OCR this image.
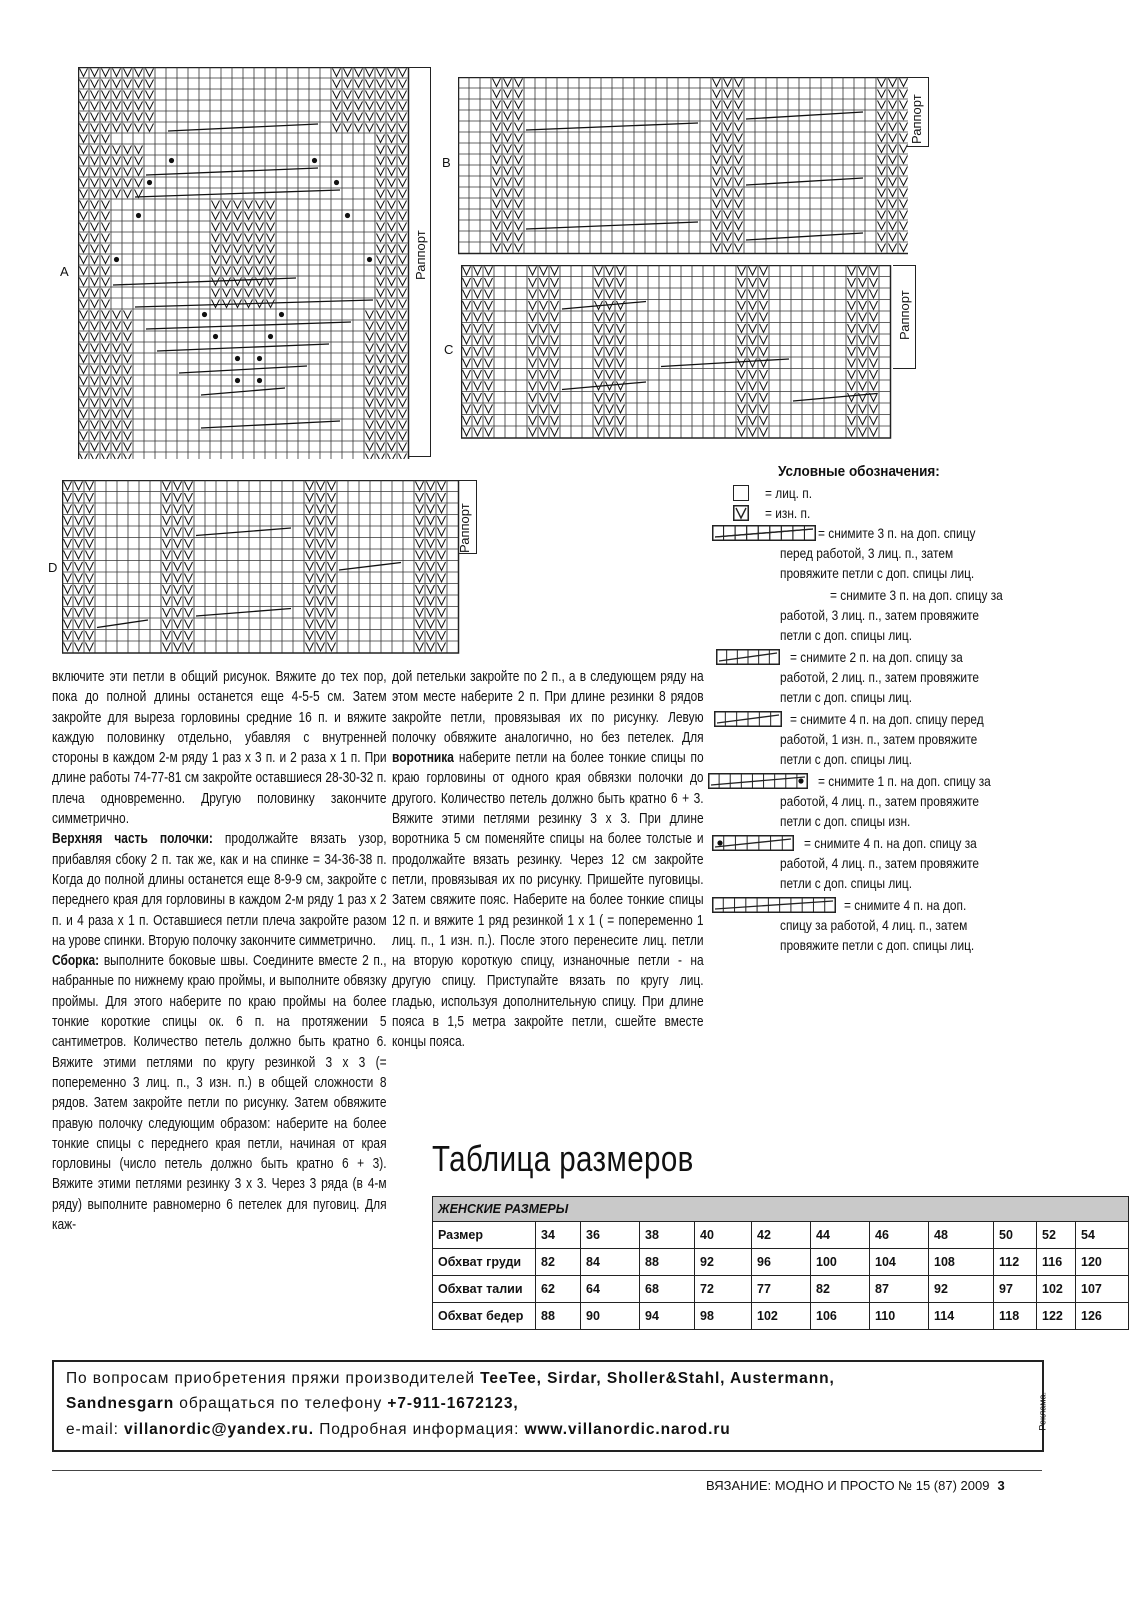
A	Раппорт
B
Раппорт
C
Раппорт
D
Раппорт
Условные обозначения:
= лиц. п.
= изн. п.
= снимите 3 п. на доп. спицу
перед работой, 3 лиц. п., затем
провяжите петли с доп. спицы лиц.
= снимите 3 п. на доп. спицу за
работой, 3 лиц. п., затем провяжите
петли с доп. спицы лиц.
= снимите 2 п. на доп. спицу за
работой, 2 лиц. п., затем провяжите
петли с доп. спицы лиц.
= снимите 4 п. на доп. спицу перед
работой, 1 изн. п., затем провяжите
петли с доп. спицы лиц.
= снимите 1 п. на доп. спицу за
работой, 4 лиц. п., затем провяжите
петли с доп. спицы изн.
= снимите 4 п. на доп. спицу за
работой, 4 лиц. п., затем провяжите
петли с доп. спицы лиц.
= снимите 4 п. на доп.
спицу за работой, 4 лиц. п., затем
провяжите петли с доп. спицы лиц.

включите эти петли в общий рисунок. Вяжите до тех пор, пока до полной длины останется еще 4-5-5 см. Затем закройте для выреза горловины средние 16 п. и вяжите каждую половинку отдельно, убавляя с внутренней стороны в каждом 2-м ряду 1 раз х 3 п. и 2 раза х 1 п. При длине работы 74-77-81 см закройте оставшиеся 28-30-32 п. плеча одновременно. Другую половинку закончите симметрично.

Верхняя часть полочки: продолжайте вязать узор, прибавляя сбоку 2 п. так же, как и на спинке = 34-36-38 п. Когда до полной длины останется еще 8-9-9 см, закройте с переднего края для горловины в каждом 2-м ряду 1 раз х 2 п. и 4 раза х 1 п. Оставшиеся петли плеча закройте разом на урове спинки. Вторую полочку закончите симметрично.

Сборка: выполните боковые швы. Соедините вместе 2 п., набранные по нижнему краю проймы, и выполните обвязку проймы. Для этого наберите по краю проймы на более тонкие короткие спицы ок. 6 п. на протяжении 5 сантиметров. Количество петель должно быть кратно 6. Вяжите этими петлями по кругу резинкой 3 х 3 (= попеременно 3 лиц. п., 3 изн. п.) в общей сложности 8 рядов. Затем закройте петли по рисунку. Затем обвяжите правую полочку следующим образом: наберите на более тонкие спицы с переднего края петли, начиная от края горловины (число петель должно быть кратно 6 + 3). Вяжите этими петлями резинку 3 х 3. Через 3 ряда (в 4-м ряду) выполните равномерно 6 петелек для пуговиц. Для каж-

дой петельки закройте по 2 п., а в следующем ряду на этом месте наберите 2 п. При длине резинки 8 рядов закройте петли, провязывая их по рисунку. Левую полочку обвяжите аналогично, но без петелек. Для воротника наберите петли на более тонкие спицы по краю горловины от одного края обвязки полочки до другого. Количество петель должно быть кратно 6 + 3. Вяжите этими петлями резинку 3 х 3. При длине воротника 5 см поменяйте спицы на более толстые и продолжайте вязать резинку. Через 12 см закройте петли, провязывая их по рисунку. Пришейте пуговицы. Затем свяжите пояс. Наберите на более тонкие спицы 12 п. и вяжите 1 ряд резинкой 1 х 1 ( = попеременно 1 лиц. п., 1 изн. п.). После этого перенесите лиц. петли на вторую короткую спицу, изнаночные петли - на другую спицу. Приступайте вязать по кругу лиц. гладью, используя дополнительную спицу. При длине пояса в 1,5 метра закройте петли, сшейте вместе концы пояса.

Таблица размеров
ЖЕНСКИЕ РАЗМЕРЫ											
Размер	34	36	38	40	42	44	46	48	50	52	54
Обхват груди	82	84	88	92	96	100	104	108	112	116	120
Обхват талии	62	64	68	72	77	82	87	92	97	102	107
Обхват бедер	88	90	94	98	102	106	110	114	118	122	126
По вопросам приобретения пряжи производителей TeeTee, Sirdar, Sholler&Stahl, Austermann,
Sandnesgarn обращаться по телефону +7-911-1672123,
e-mail: villanordic@yandex.ru. Подробная информация: www.villanordic.narod.ru	Реклама.
ВЯЗАНИЕ: МОДНО И ПРОСТО № 15 (87) 2009 3
